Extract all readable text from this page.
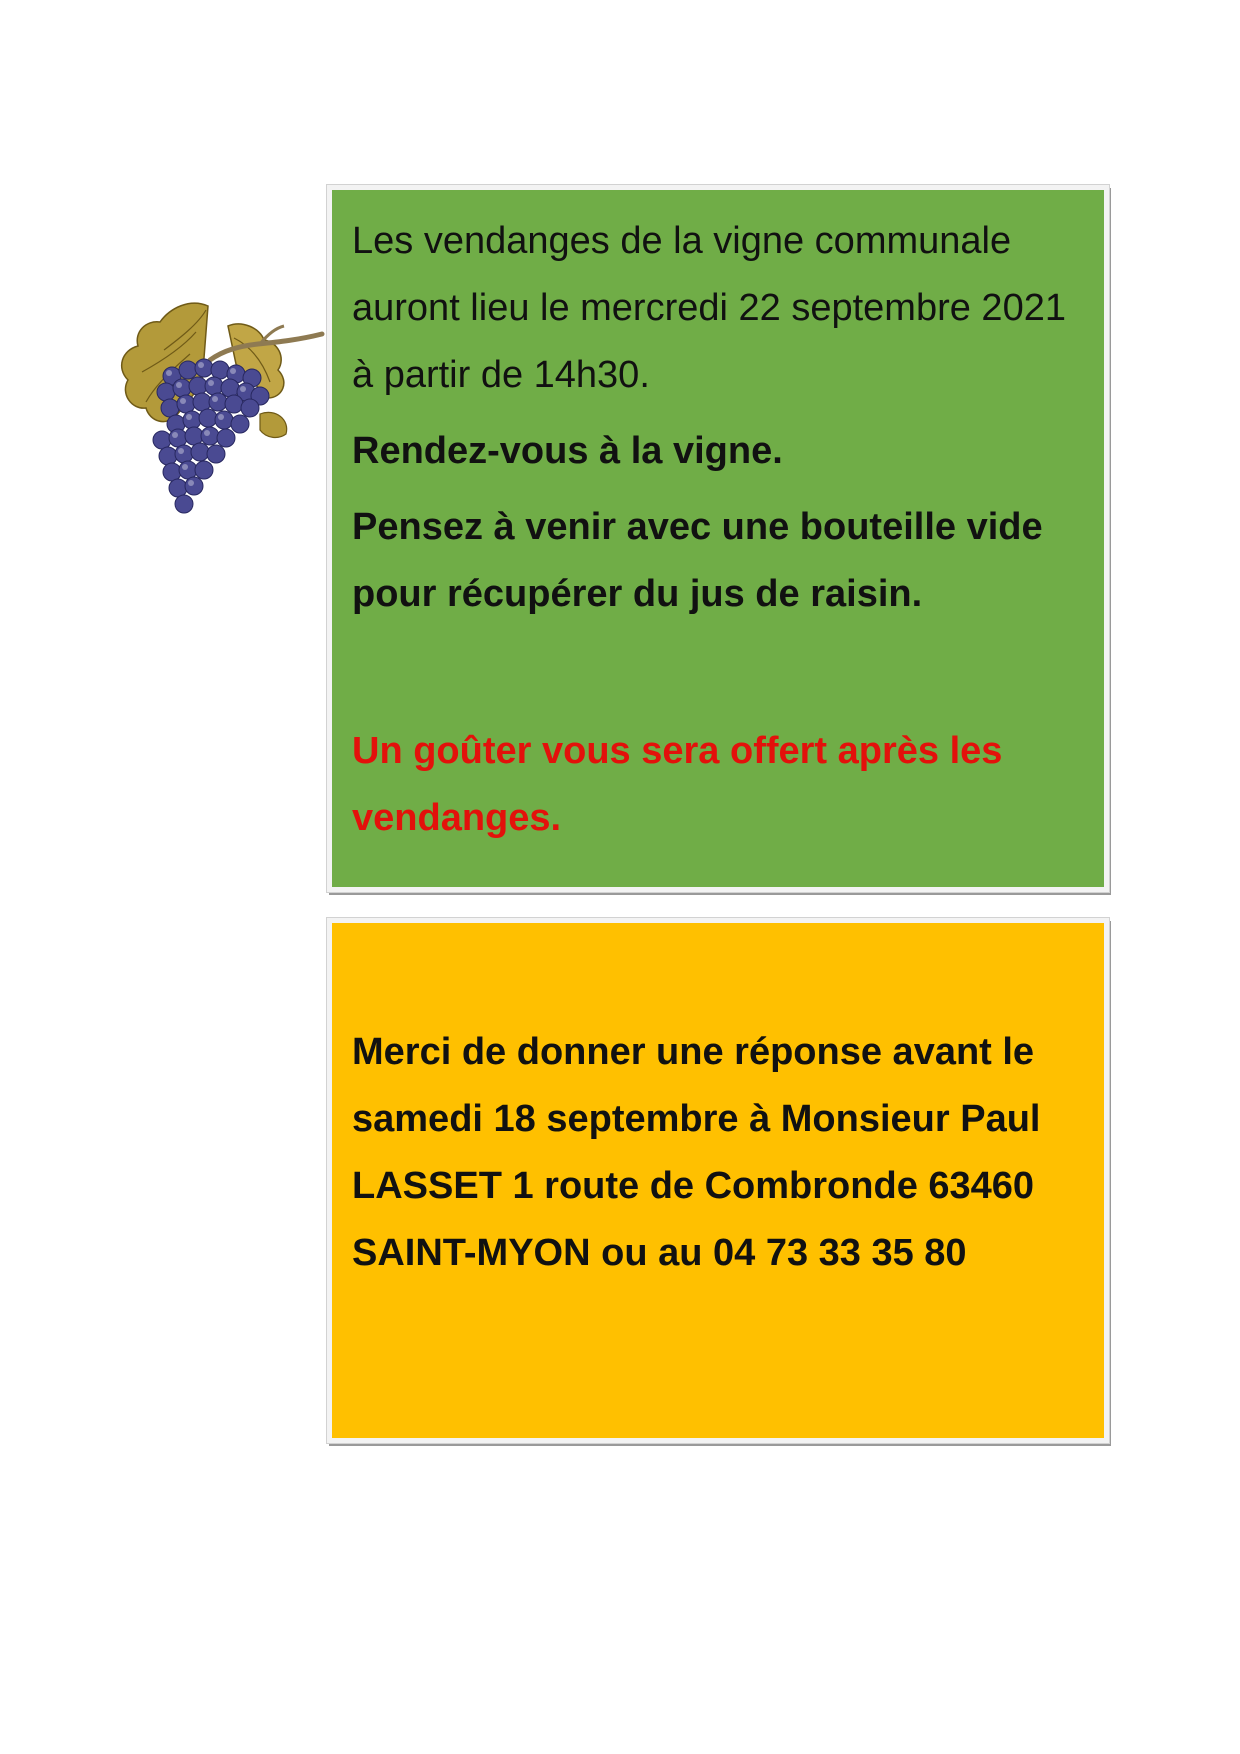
Les vendanges de la vigne communale auront lieu le mercredi 22 septembre 2021 à partir de 14h30.

Rendez-vous à la vigne.

Pensez à venir avec une bouteille vide pour récupérer du jus de raisin.

Un goûter vous sera offert après les vendanges.

Merci de donner une réponse avant le samedi 18 septembre à Monsieur Paul LASSET 1 route de Combronde 63460 SAINT-MYON ou au 04 73 33 35 80
